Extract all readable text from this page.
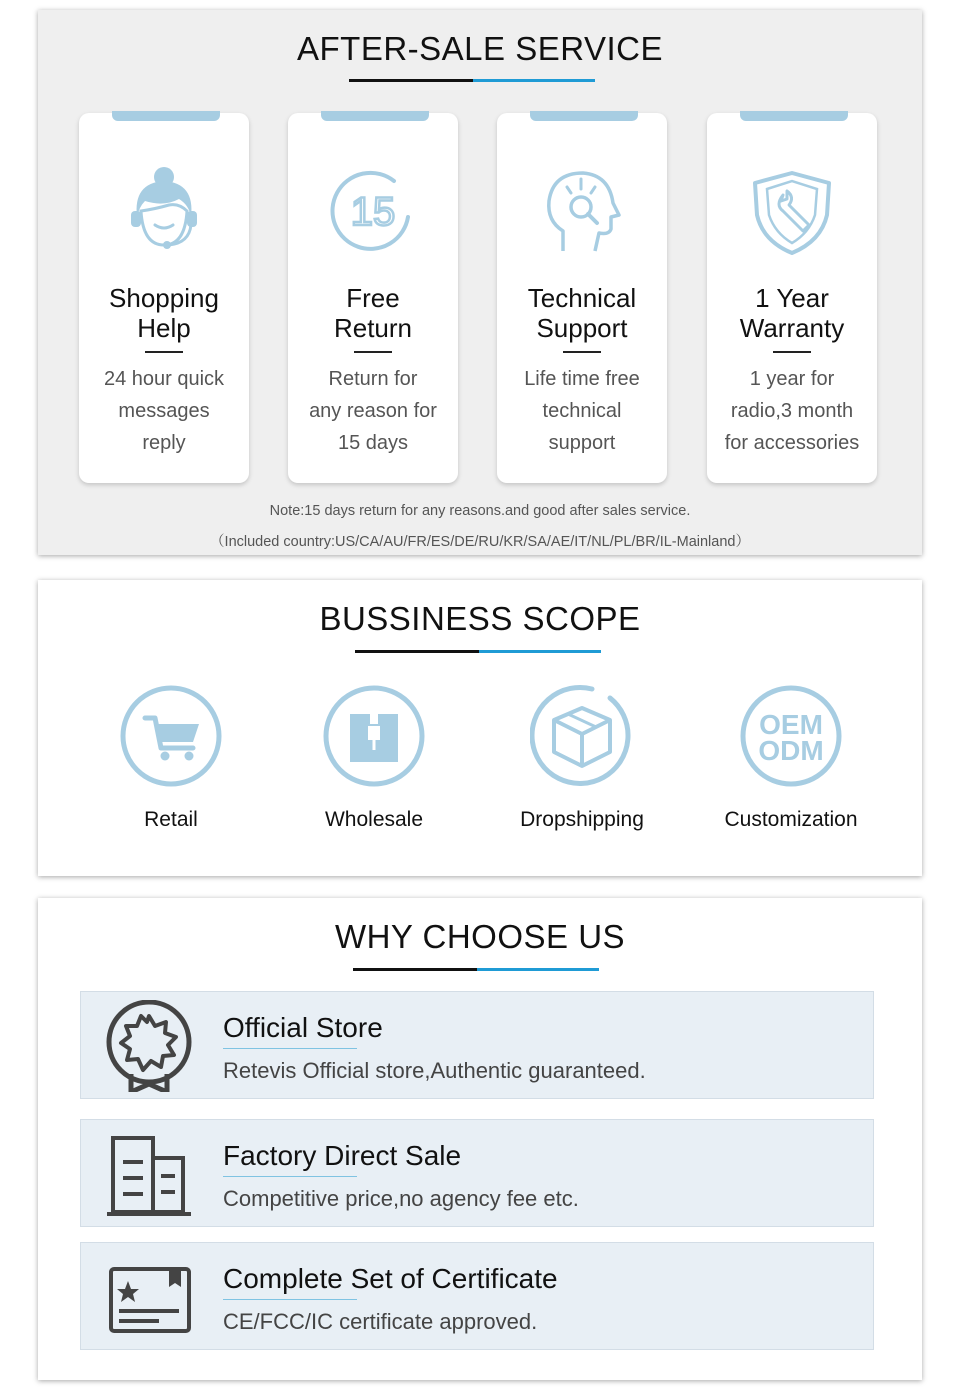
AFTER-SALE SERVICE
Shopping
Help
24 hour quick
messages
reply
15
Free
Return
Return for
any reason for
15 days
Technical
Support
Life time free
technical
support
1 Year
Warranty
1 year for
radio,3 month
for accessories
Note:15 days return for any reasons.and good after sales service.
（Included country:US/CA/AU/FR/ES/DE/RU/KR/SA/AE/IT/NL/PL/BR/IL-Mainland）
BUSSINESS SCOPE
Retail	Wholesale	Dropshipping
OEM
ODM
Customization
WHY CHOOSE US
Official Store
Retevis Official store,Authentic guaranteed.
Factory Direct Sale
Competitive price,no agency fee etc.
Complete Set of Certificate
CE/FCC/IC certificate approved.
